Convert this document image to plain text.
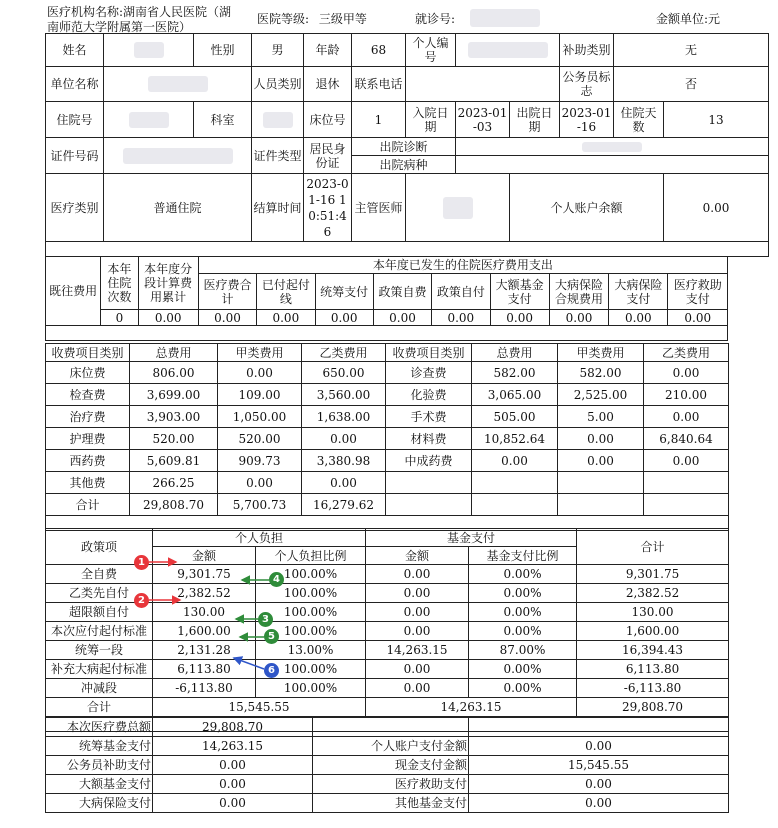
医疗机构名称:湖南省人民医院（湖
南师范大学附属第一医院）
医院等级: 三级甲等	就诊号:	金额单位:元
姓名		性别	男	年龄	68	个人编号			补助类别	无	
单位名称			人员类别	退休	联系电话				公务员标志	否	
住院号		科室		床位号	1	入院日期	2023-01-03	出院日期	2023-01-16	住院天数	13
证件号码			证件类型	居民身份证	出院诊断						

					出院病种						
医疗类别	普通住院		结算时间	2023-01-16 10:51:46	主管医师			个人账户余额			0.00

既往费用	本年住院次数	本年度分段计算费用累计	本年度已发生的住院医疗费用支出								
			医疗费合计	已付起付线	统筹支付	政策自费	政策自付	大额基金支付	大病保险合规费用	大病保险支付	医疗救助支付
	0	0.00	0.00	0.00	0.00	0.00	0.00	0.00	0.00	0.00	0.00

收费项目类别	总费用	甲类费用	乙类费用	收费项目类别	总费用	甲类费用	乙类费用
床位费	806.00	0.00	650.00	诊查费	582.00	582.00	0.00
检查费	3,699.00	109.00	3,560.00	化验费	3,065.00	2,525.00	210.00
治疗费	3,903.00	1,050.00	1,638.00	手术费	505.00	5.00	0.00
护理费	520.00	520.00	0.00	材料费	10,852.64	0.00	6,840.64
西药费	5,609.81	909.73	3,380.98	中成药费	0.00	0.00	0.00
其他费	266.25	0.00	0.00				
合计	29,808.70	5,700.73	16,279.62				

政策项	个人负担		基金支付		合计
	金额	个人负担比例	金额	基金支付比例	
全自费	9,301.75	100.00%	0.00	0.00%	9,301.75
乙类先自付	2,382.52	100.00%	0.00	0.00%	2,382.52
超限额自付	130.00	100.00%	0.00	0.00%	130.00
本次应付起付标准	1,600.00	100.00%	0.00	0.00%	1,600.00
统筹一段	2,131.28	13.00%	14,263.15	87.00%	16,394.43
补充大病起付标准	6,113.80	100.00%	0.00	0.00%	6,113.80
冲减段	-6,113.80	100.00%	0.00	0.00%	-6,113.80
合计	15,545.55		14,263.15		29,808.70

本次医疗费总额	29,808.70		
统筹基金支付	14,263.15	个人账户支付金额	0.00
公务员补助支付	0.00	现金支付金额	15,545.55
大额基金支付	0.00	医疗救助支付	0.00
大病保险支付	0.00	其他基金支付	0.00
1
2
3
4
5
6
